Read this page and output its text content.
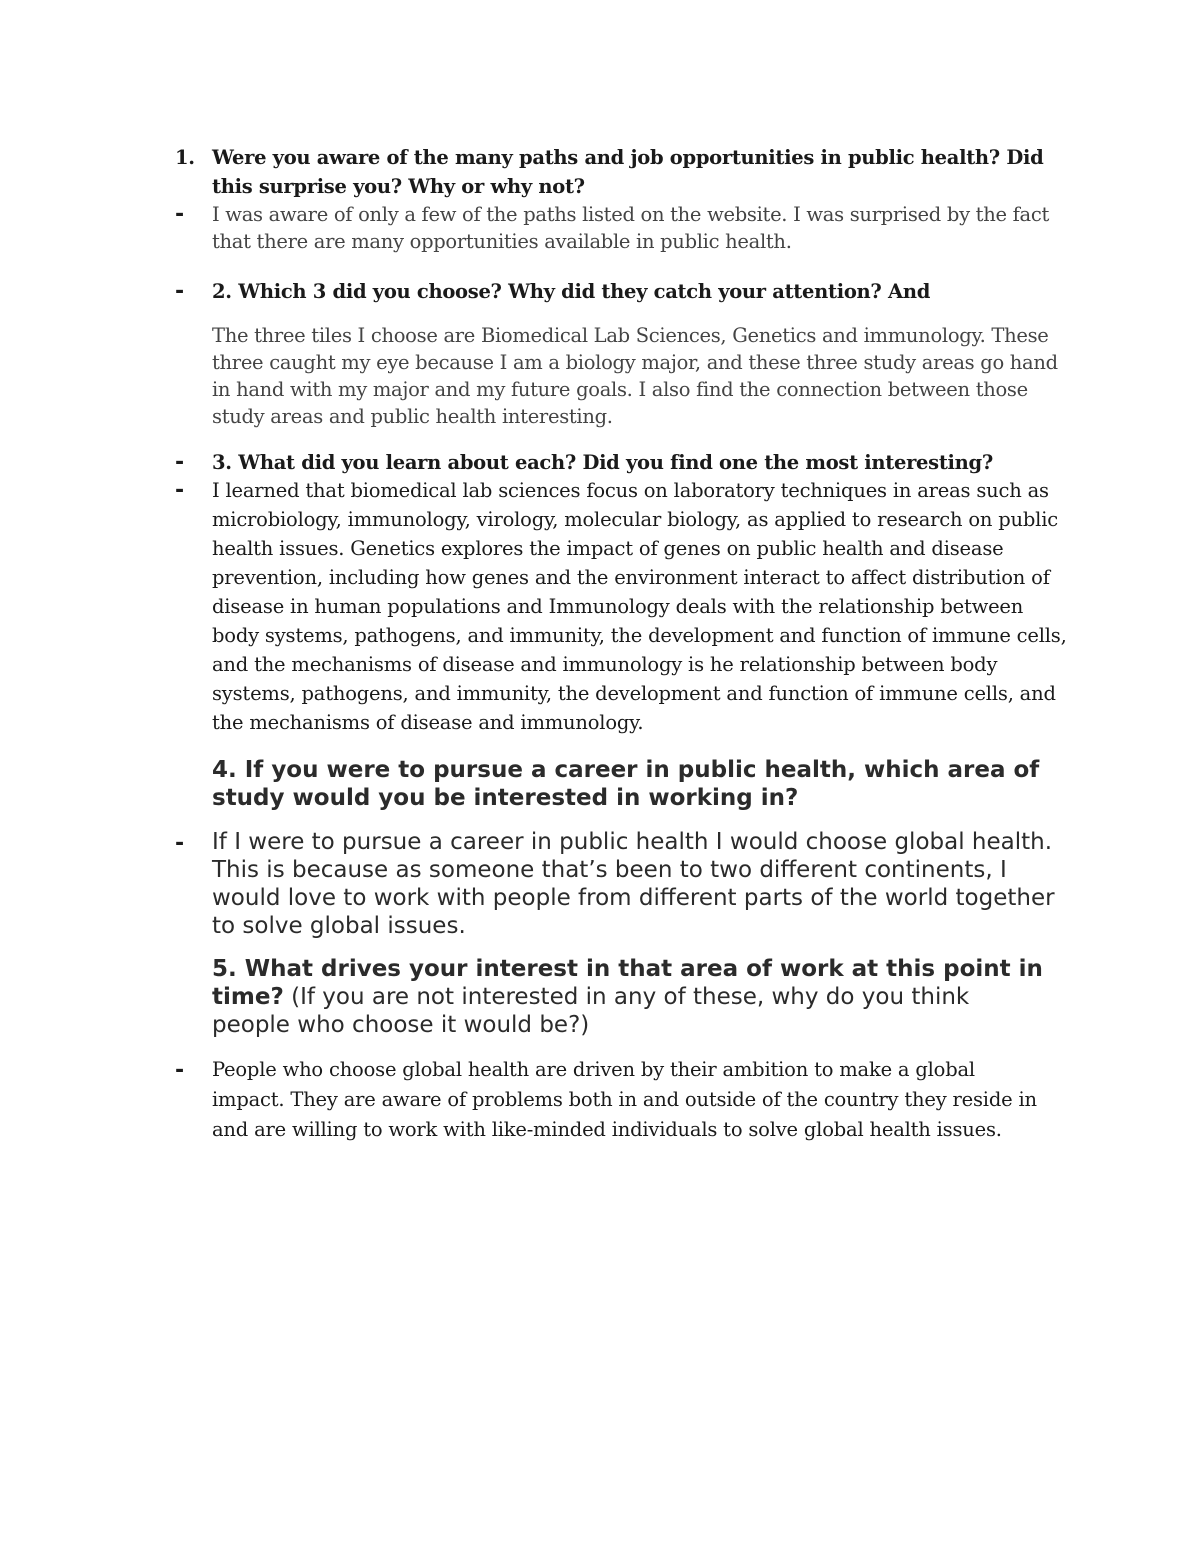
1. Were you aware of the many paths and job opportunities in public health? Did this surprise you? Why or why not?

-	I was aware of only a few of the paths listed on the website. I was surprised by the fact that there are many opportunities available in public health.

-	2. Which 3 did you choose? Why did they catch your attention? And

The three tiles I choose are Biomedical Lab Sciences, Genetics and immunology. These three caught my eye because I am a biology major, and these three study areas go hand in hand with my major and my future goals. I also find the connection between those study areas and public health interesting.

-	3. What did you learn about each? Did you find one the most interesting?

-	I learned that biomedical lab sciences focus on laboratory techniques in areas such as microbiology, immunology, virology, molecular biology, as applied to research on public health issues. Genetics explores the impact of genes on public health and disease prevention, including how genes and the environment interact to affect distribution of disease in human populations and Immunology deals with the relationship between body systems, pathogens, and immunity, the development and function of immune cells, and the mechanisms of disease and immunology is he relationship between body systems, pathogens, and immunity, the development and function of immune cells, and the mechanisms of disease and immunology.

4. If you were to pursue a career in public health, which area of study would you be interested in working in?

-	If I were to pursue a career in public health I would choose global health. This is because as someone that’s been to two different continents, I would love to work with people from different parts of the world together to solve global issues.

5. What drives your interest in that area of work at this point in time? (If you are not interested in any of these, why do you think people who choose it would be?)

-	People who choose global health are driven by their ambition to make a global impact. They are aware of problems both in and outside of the country they reside in and are willing to work with like-minded individuals to solve global health issues.
